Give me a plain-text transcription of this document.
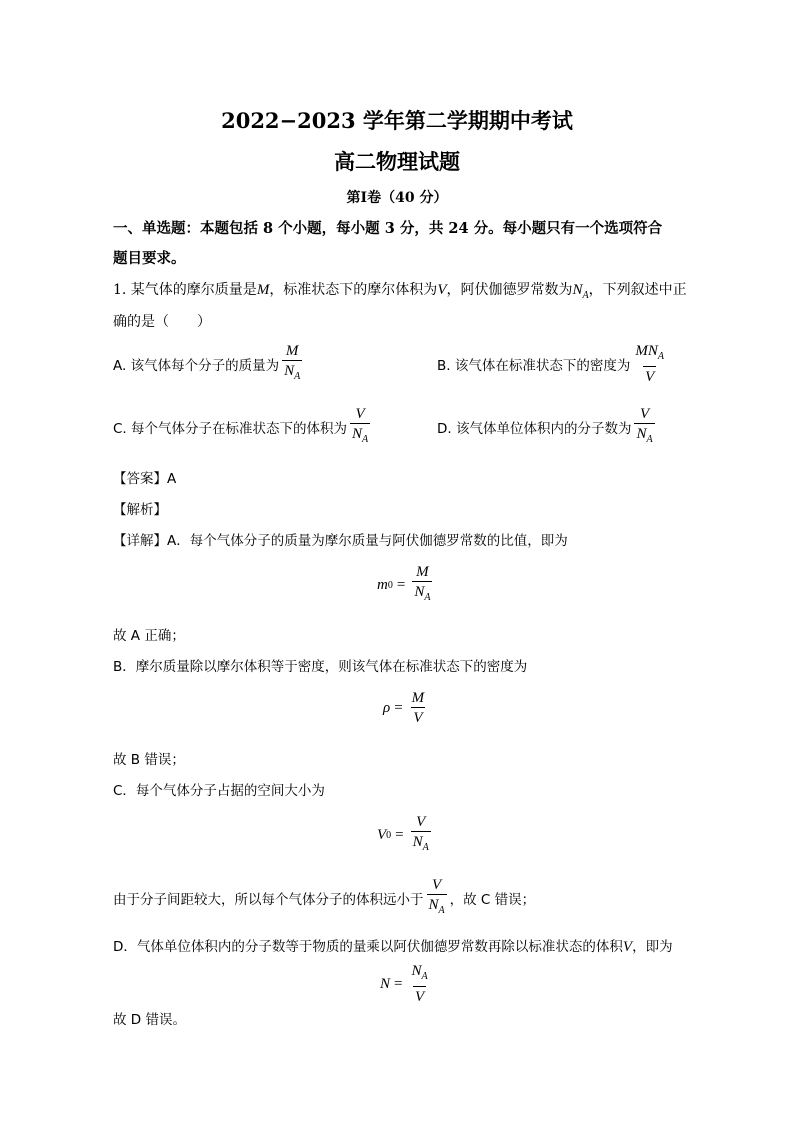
2022−2023 学年第二学期期中考试
高二物理试题
第Ⅰ卷（40 分）
一、单选题：本题包括 8 个小题，每小题 3 分，共 24 分。每小题只有一个选项符合
题目要求。
1. 某气体的摩尔质量是M，标准状态下的摩尔体积为V，阿伏伽德罗常数为$N_A$，下列叙述中正
确的是（　　）
A. 该气体每个分子的质量为 $\frac{M}{N_A}$	B. 该气体在标准状态下的密度为 $\frac{MN_A}{V}$
C. 每个气体分子在标准状态下的体积为 $\frac{V}{N_A}$	D. 该气体单位体积内的分子数为 $\frac{V}{N_A}$
【答案】A
【解析】
【详解】A．每个气体分子的质量为摩尔质量与阿伏伽德罗常数的比值，即为
m $0 = \frac{M}{N_A}$
故 A 正确；
B．摩尔质量除以摩尔体积等于密度，则该气体在标准状态下的密度为
$\rho = \frac{M}{V}$
故 B 错误；
C．每个气体分子占据的空间大小为
V $0 = \frac{V}{N_A}$
由于分子间距较大，所以每个气体分子的体积远小于 $\frac{V}{N_A}$ ，故 C 错误；
D．气体单位体积内的分子数等于物质的量乘以阿伏伽德罗常数再除以标准状态的体积V，即为
$N = \frac{N_A}{V}$
故 D 错误。
